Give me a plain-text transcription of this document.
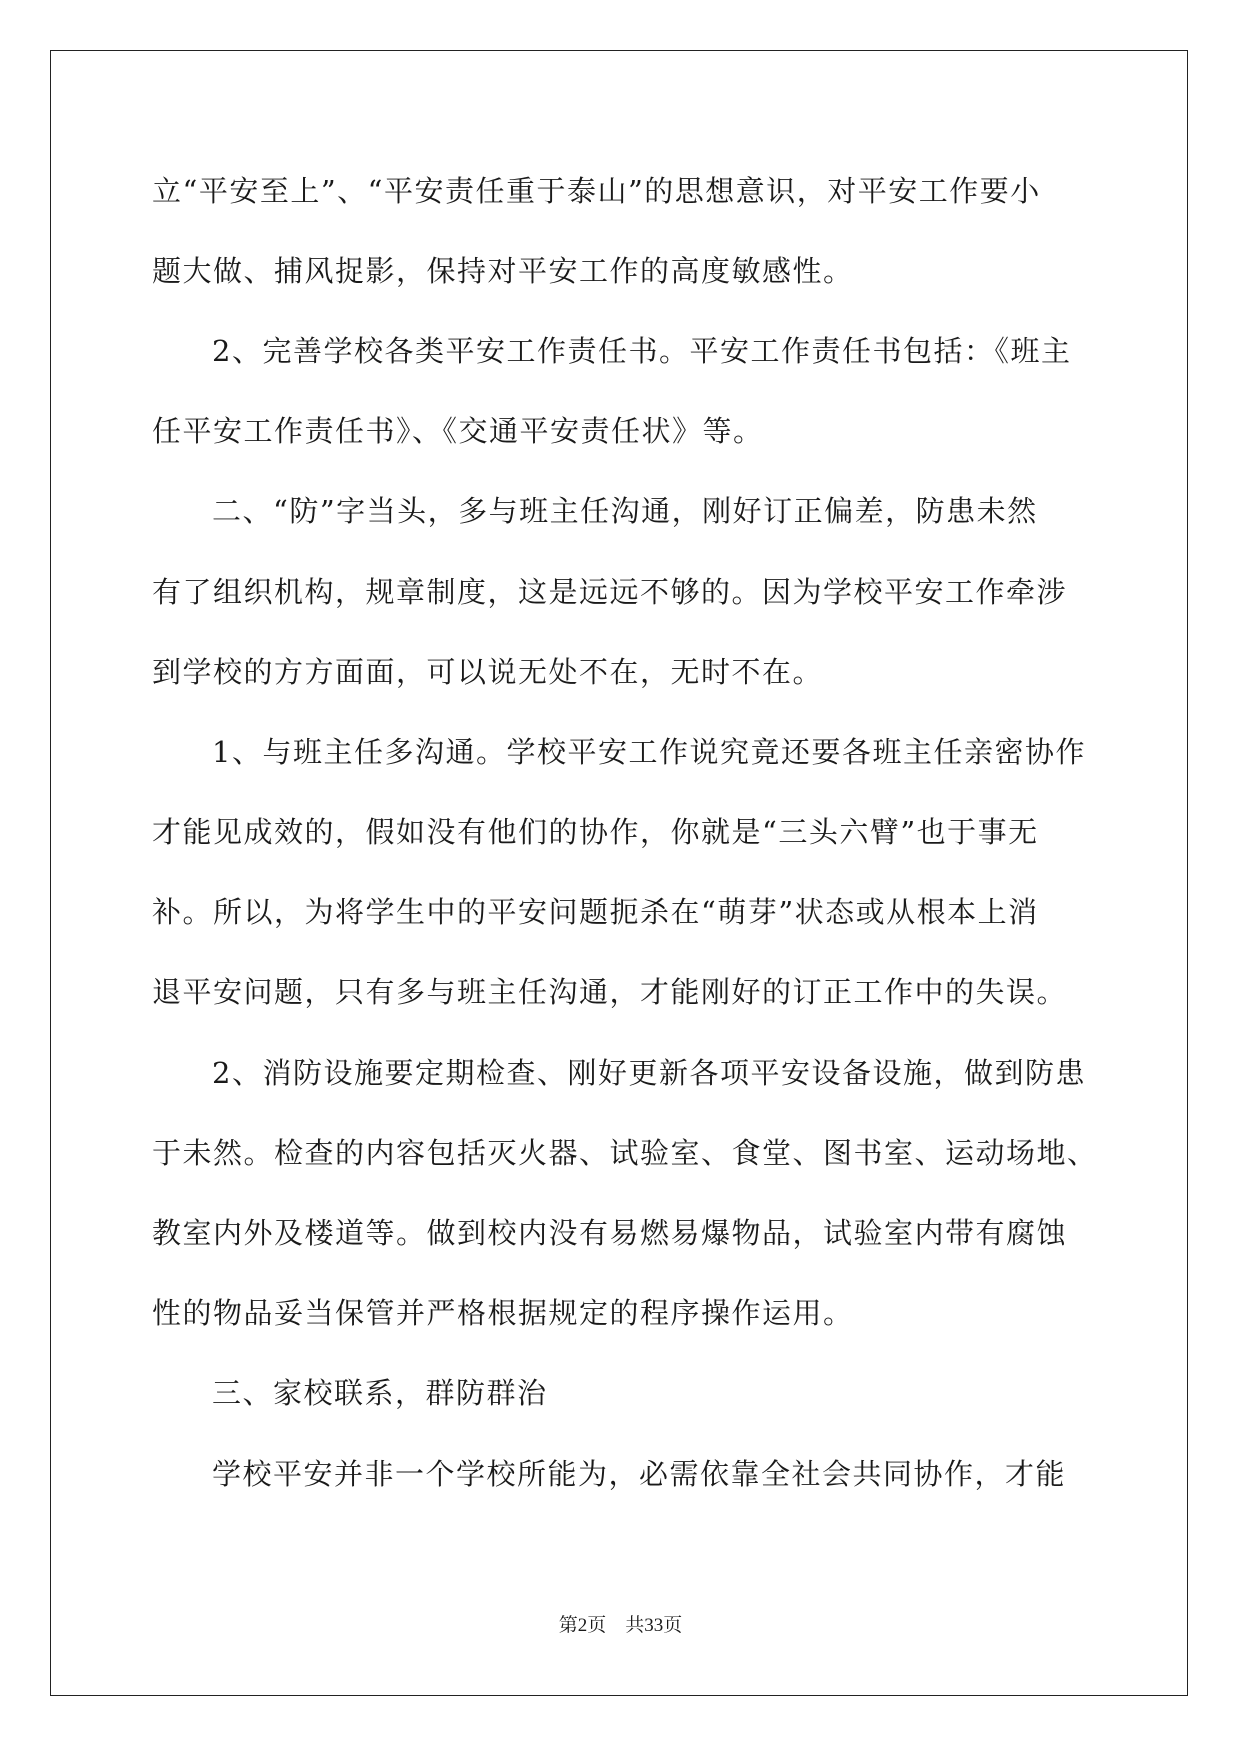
立“平安至上”、“平安责任重于泰山”的思想意识，对平安工作要小
题大做、捕风捉影，保持对平安工作的高度敏感性。
2、完善学校各类平安工作责任书。平安工作责任书包括：《班主
任平安工作责任书》、《交通平安责任状》等。
二、“防”字当头，多与班主任沟通，刚好订正偏差，防患未然
有了组织机构，规章制度，这是远远不够的。因为学校平安工作牵涉
到学校的方方面面，可以说无处不在，无时不在。
1、与班主任多沟通。学校平安工作说究竟还要各班主任亲密协作
才能见成效的，假如没有他们的协作，你就是“三头六臂”也于事无
补。所以，为将学生中的平安问题扼杀在“萌芽”状态或从根本上消
退平安问题，只有多与班主任沟通，才能刚好的订正工作中的失误。
2、消防设施要定期检查、刚好更新各项平安设备设施，做到防患
于未然。检查的内容包括灭火器、试验室、食堂、图书室、运动场地、
教室内外及楼道等。做到校内没有易燃易爆物品，试验室内带有腐蚀
性的物品妥当保管并严格根据规定的程序操作运用。
三、家校联系，群防群治
学校平安并非一个学校所能为，必需依靠全社会共同协作，才能
第2页　共33页
